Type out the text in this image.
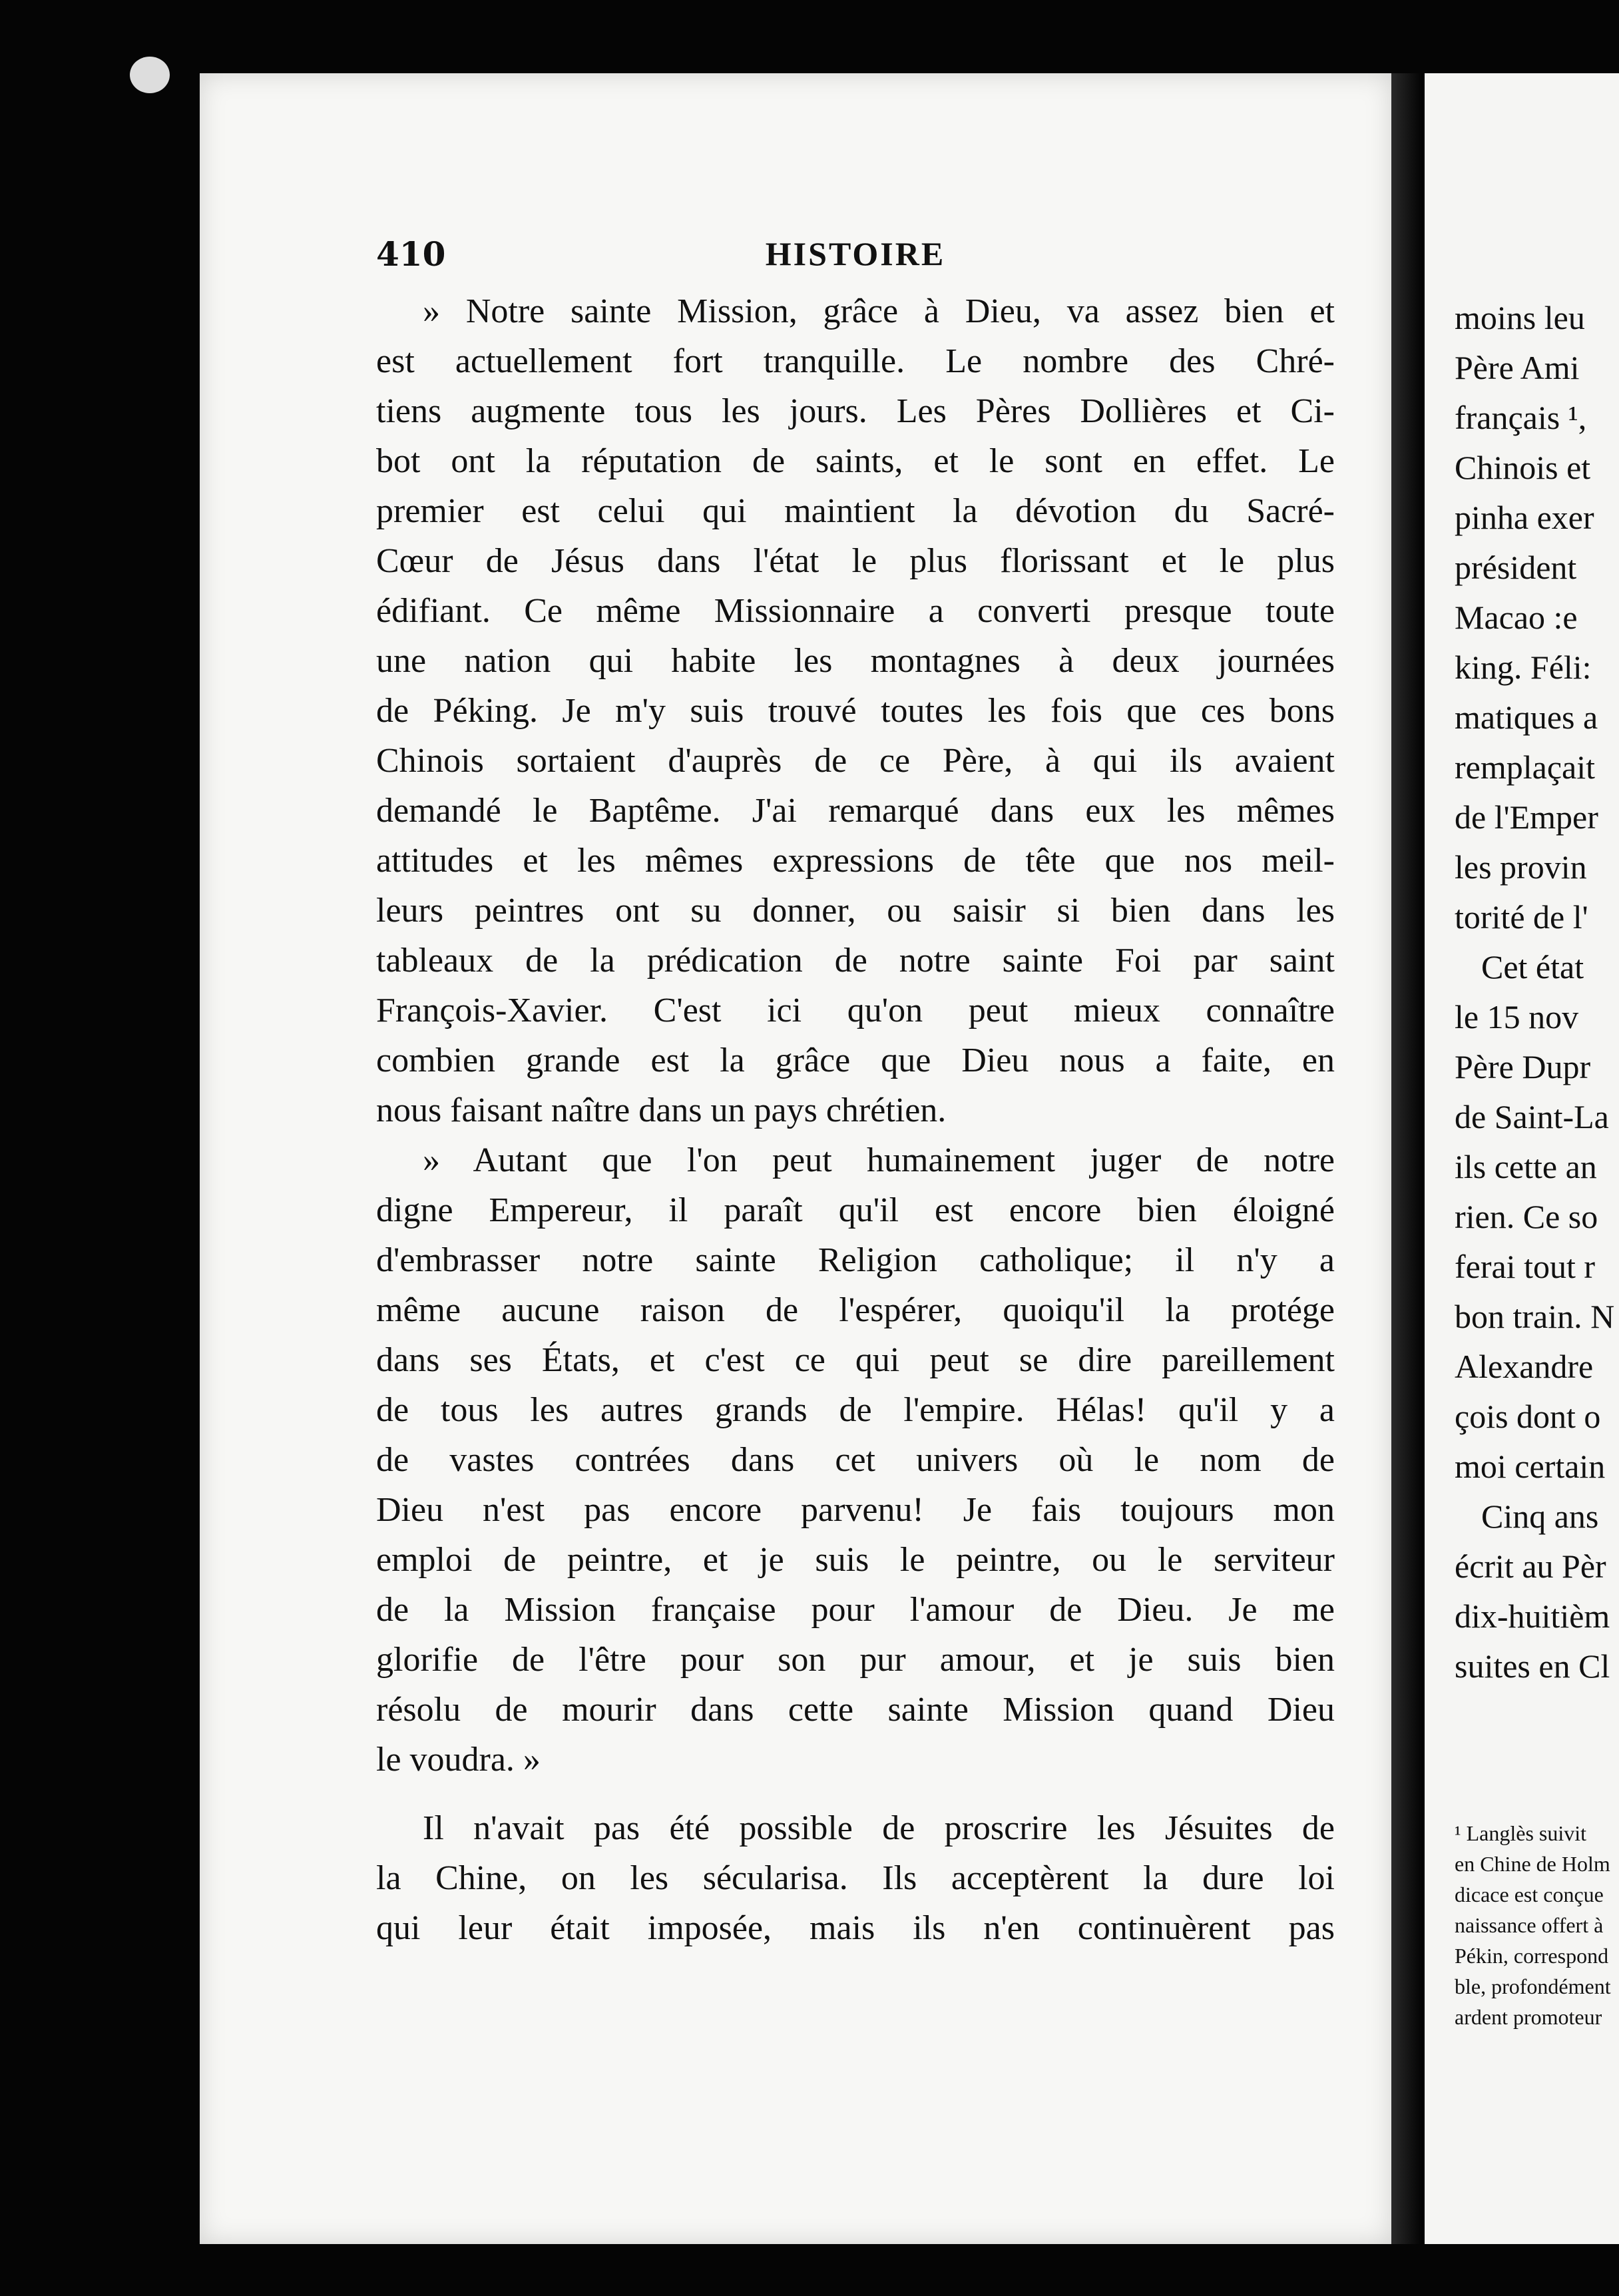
410	HISTOIRE
» Notre sainte Mission, grâce à Dieu, va assez bien et
est actuellement fort tranquille. Le nombre des Chré-
tiens augmente tous les jours. Les Pères Dollières et Ci-
bot ont la réputation de saints, et le sont en effet. Le
premier est celui qui maintient la dévotion du Sacré-
Cœur de Jésus dans l'état le plus florissant et le plus
édifiant. Ce même Missionnaire a converti presque toute
une nation qui habite les montagnes à deux journées
de Péking. Je m'y suis trouvé toutes les fois que ces bons
Chinois sortaient d'auprès de ce Père, à qui ils avaient
demandé le Baptême. J'ai remarqué dans eux les mêmes
attitudes et les mêmes expressions de tête que nos meil-
leurs peintres ont su donner, ou saisir si bien dans les
tableaux de la prédication de notre sainte Foi par saint
François-Xavier. C'est ici qu'on peut mieux connaître
combien grande est la grâce que Dieu nous a faite, en
nous faisant naître dans un pays chrétien.
» Autant que l'on peut humainement juger de notre
digne Empereur, il paraît qu'il est encore bien éloigné
d'embrasser notre sainte Religion catholique; il n'y a
même aucune raison de l'espérer, quoiqu'il la protége
dans ses États, et c'est ce qui peut se dire pareillement
de tous les autres grands de l'empire. Hélas! qu'il y a
de vastes contrées dans cet univers où le nom de
Dieu n'est pas encore parvenu! Je fais toujours mon
emploi de peintre, et je suis le peintre, ou le serviteur
de la Mission française pour l'amour de Dieu. Je me
glorifie de l'être pour son pur amour, et je suis bien
résolu de mourir dans cette sainte Mission quand Dieu
le voudra. »
Il n'avait pas été possible de proscrire les Jésuites de
la Chine, on les sécularisa. Ils acceptèrent la dure loi
qui leur était imposée, mais ils n'en continuèrent pas
moins leu
Père Ami
français ¹,
Chinois et
pinha exer
président
Macao :e
king. Féli:
matiques a
remplaçait
de l'Emper
les provin
torité de l'
Cet état
le 15 nov
Père Dupr
de Saint-La
ils cette an
rien. Ce so
ferai tout r
bon train. N
Alexandre
çois dont o
moi certain
Cinq ans
écrit au Pèr
dix-huitièm
suites en Cl
¹ Langlès suivit
en Chine de Holm
dicace est conçue
naissance offert à
Pékin, correspond
ble, profondément
ardent promoteur
